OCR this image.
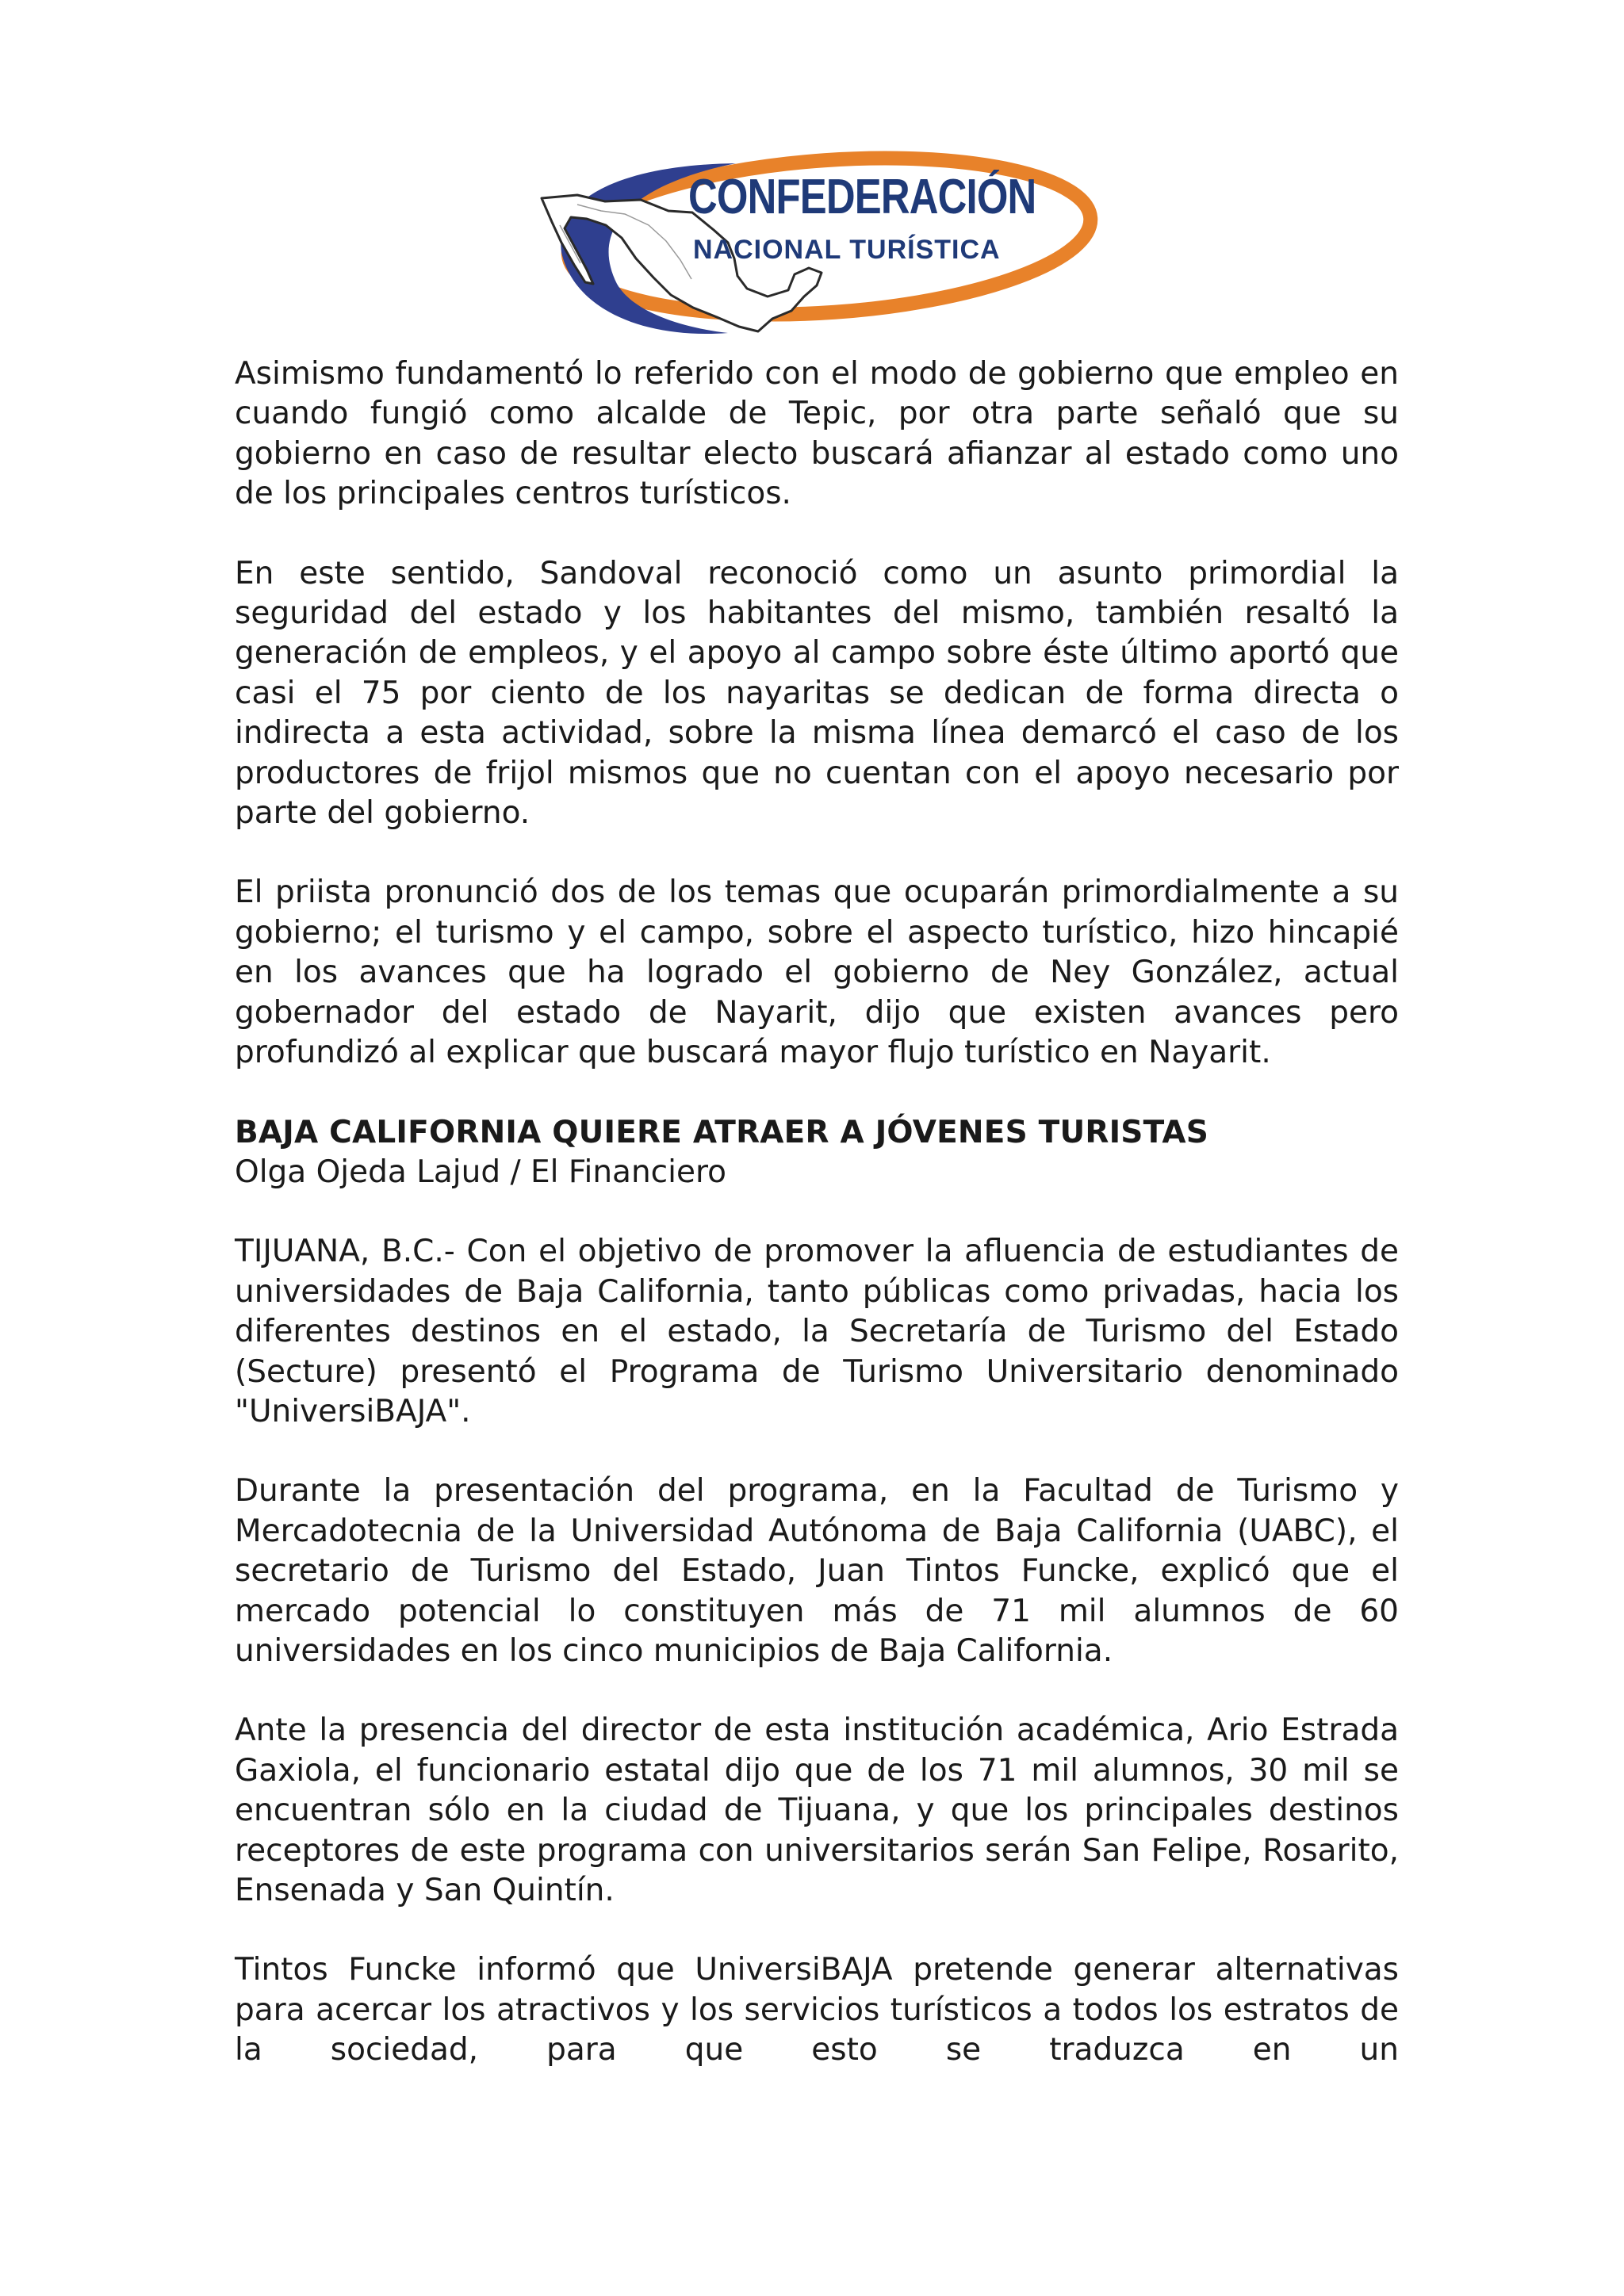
CONFEDERACIÓN
NACIONAL TURÍSTICA

Asimismo fundamentó lo referido con el modo de gobierno que empleo en cuando fungió como alcalde de Tepic, por otra parte señaló que su gobierno en caso de resultar electo buscará afianzar al estado como uno de los principales centros turísticos.

En este sentido, Sandoval reconoció como un asunto primordial la seguridad del estado y los habitantes del mismo, también resaltó la generación de empleos, y el apoyo al campo sobre éste último aportó que casi el 75 por ciento de los nayaritas se dedican de forma directa o indirecta a esta actividad, sobre la misma línea demarcó el caso de los productores de frijol mismos que no cuentan con el apoyo necesario por parte del gobierno.

El priista pronunció dos de los temas que ocuparán primordialmente a su gobierno; el turismo y el campo, sobre el aspecto turístico, hizo hincapié en los avances que ha logrado el gobierno de Ney González, actual gobernador del estado de Nayarit, dijo que existen avances pero profundizó al explicar que buscará mayor flujo turístico en Nayarit.

BAJA CALIFORNIA QUIERE ATRAER A JÓVENES TURISTAS

Olga Ojeda Lajud / El Financiero

TIJUANA, B.C.- Con el objetivo de promover la afluencia de estudiantes de universidades de Baja California, tanto públicas como privadas, hacia los diferentes destinos en el estado, la Secretaría de Turismo del Estado (Secture) presentó el Programa de Turismo Universitario denominado "UniversiBAJA".

Durante la presentación del programa, en la Facultad de Turismo y Mercadotecnia de la Universidad Autónoma de Baja California (UABC), el secretario de Turismo del Estado, Juan Tintos Funcke, explicó que el mercado potencial lo constituyen más de 71 mil alumnos de 60 universidades en los cinco municipios de Baja California.

Ante la presencia del director de esta institución académica, Ario Estrada Gaxiola, el funcionario estatal dijo que de los 71 mil alumnos, 30 mil se encuentran sólo en la ciudad de Tijuana, y que los principales destinos receptores de este programa con universitarios serán San Felipe, Rosarito, Ensenada y San Quintín.

Tintos Funcke informó que UniversiBAJA pretende generar alternativas para acercar los atractivos y los servicios turísticos a todos los estratos de la sociedad, para que esto se traduzca en un
